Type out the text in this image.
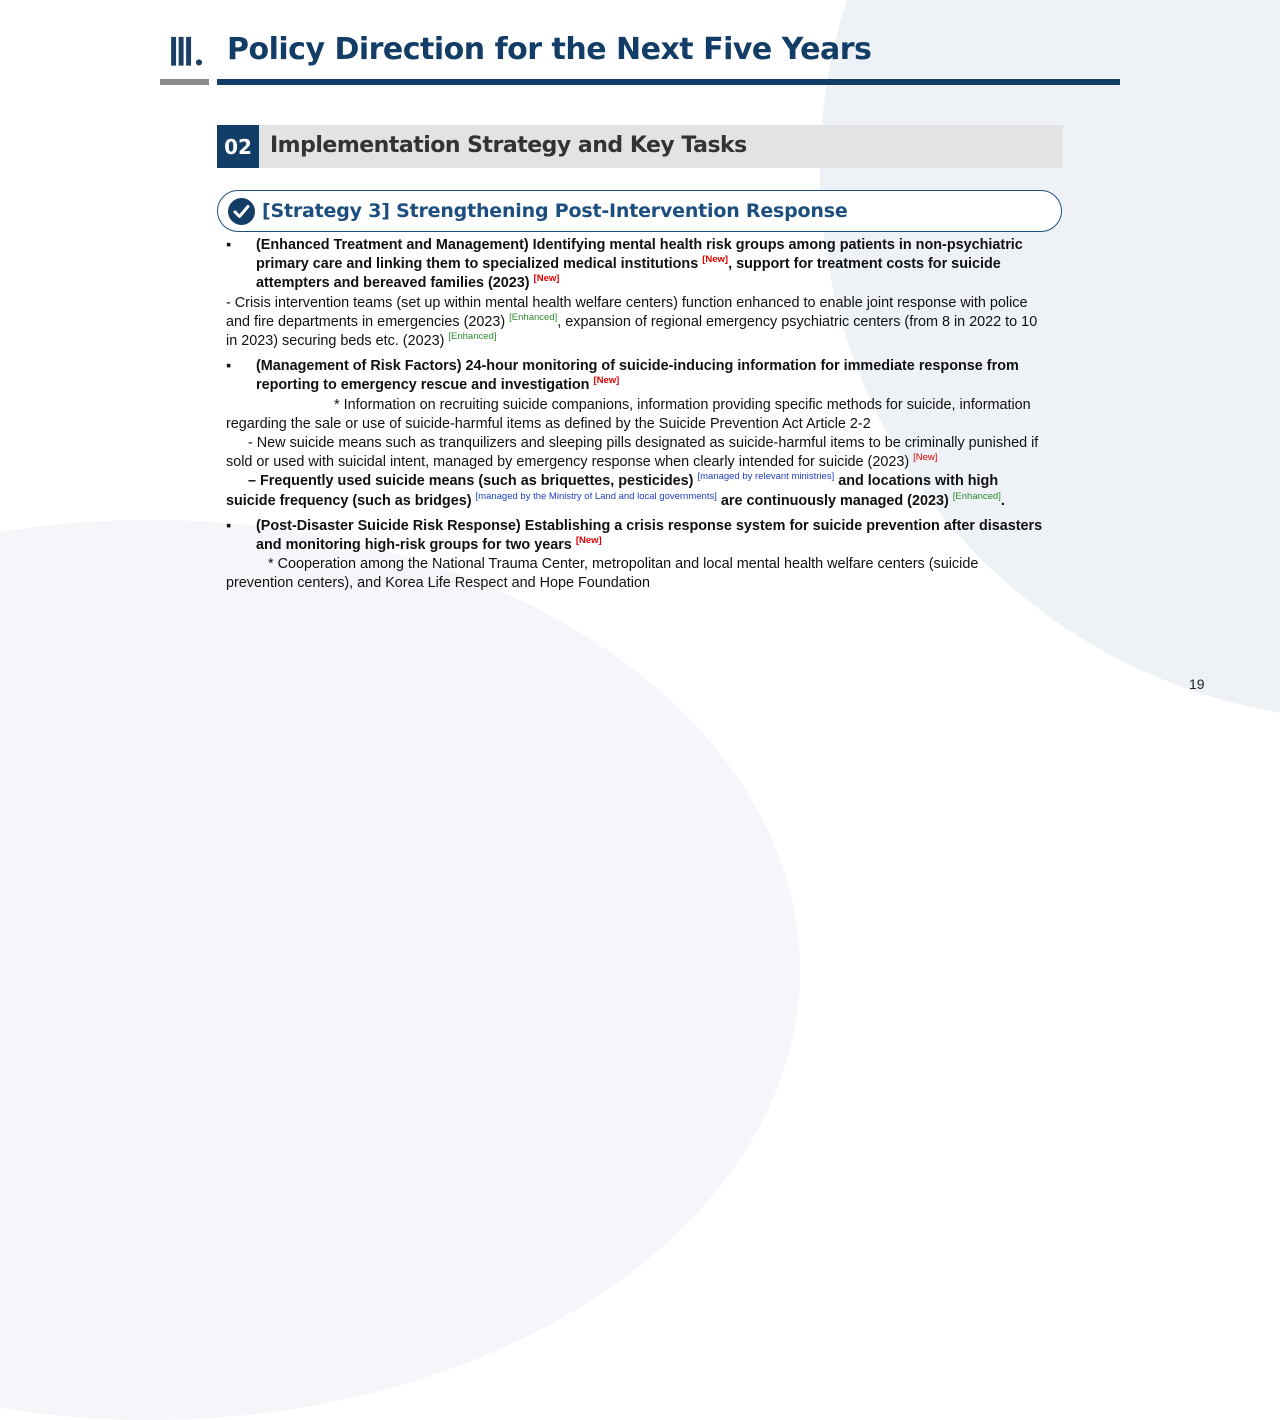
Ⅲ. Policy Direction for the Next Five Years
02 Implementation Strategy and Key Tasks
[Strategy 3] Strengthening Post-Intervention Response
▪ (Enhanced Treatment and Management) Identifying mental health risk groups among patients in non-psychiatric primary care and linking them to specialized medical institutions [New], support for treatment costs for suicide attempters and bereaved families (2023) [New]
- Crisis intervention teams (set up within mental health welfare centers) function enhanced to enable joint response with police and fire departments in emergencies (2023) [Enhanced], expansion of regional emergency psychiatric centers (from 8 in 2022 to 10 in 2023) securing beds etc. (2023) [Enhanced]
▪ (Management of Risk Factors) 24-hour monitoring of suicide-inducing information for immediate response from reporting to emergency rescue and investigation [New]
* Information on recruiting suicide companions, information providing specific methods for suicide, information regarding the sale or use of suicide-harmful items as defined by the Suicide Prevention Act Article 2-2
- New suicide means such as tranquilizers and sleeping pills designated as suicide-harmful items to be criminally punished if sold or used with suicidal intent, managed by emergency response when clearly intended for suicide (2023) [New]
– Frequently used suicide means (such as briquettes, pesticides) [managed by relevant ministries] and locations with high suicide frequency (such as bridges) [managed by the Ministry of Land and local governments] are continuously managed (2023) [Enhanced].
▪ (Post-Disaster Suicide Risk Response) Establishing a crisis response system for suicide prevention after disasters and monitoring high-risk groups for two years [New]
* Cooperation among the National Trauma Center, metropolitan and local mental health welfare centers (suicide prevention centers), and Korea Life Respect and Hope Foundation
19
